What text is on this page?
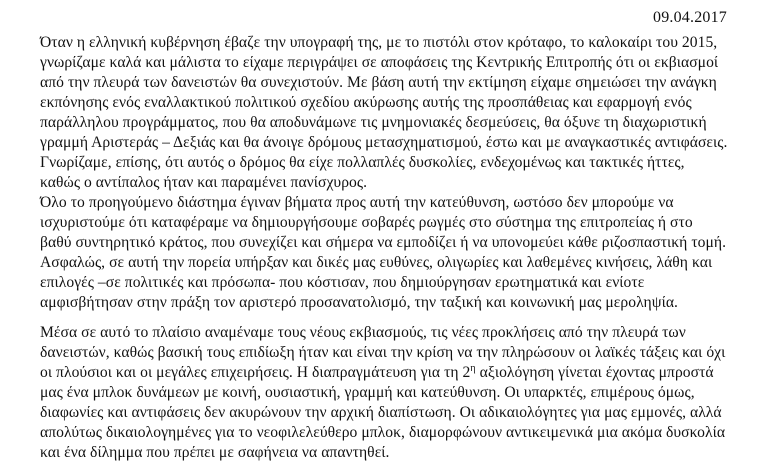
09.04.2017
Όταν η ελληνική κυβέρνηση έβαζε την υπογραφή της, με το πιστόλι στον κρόταφο, το καλοκαίρι του 2015,
γνωρίζαμε καλά και μάλιστα το είχαμε περιγράψει σε αποφάσεις της Κεντρικής Επιτροπής ότι οι εκβιασμοί
από την πλευρά των δανειστών θα συνεχιστούν. Με βάση αυτή την εκτίμηση είχαμε σημειώσει την ανάγκη
εκπόνησης ενός εναλλακτικού πολιτικού σχεδίου ακύρωσης αυτής της προσπάθειας και εφαρμογή ενός
παράλληλου προγράμματος, που θα αποδυνάμωνε τις μνημονιακές δεσμεύσεις, θα όξυνε τη διαχωριστική
γραμμή Αριστεράς – Δεξιάς και θα άνοιγε δρόμους μετασχηματισμού, έστω και με αναγκαστικές αντιφάσεις.
Γνωρίζαμε, επίσης, ότι αυτός ο δρόμος θα είχε πολλαπλές δυσκολίες, ενδεχομένως και τακτικές ήττες,
καθώς ο αντίπαλος ήταν και παραμένει πανίσχυρος.
Όλο το προηγούμενο διάστημα έγιναν βήματα προς αυτή την κατεύθυνση, ωστόσο δεν μπορούμε να
ισχυριστούμε ότι καταφέραμε να δημιουργήσουμε σοβαρές ρωγμές στο σύστημα της επιτροπείας ή στο
βαθύ συντηρητικό κράτος, που συνεχίζει και σήμερα να εμποδίζει ή να υπονομεύει κάθε ριζοσπαστική τομή.
Ασφαλώς, σε αυτή την πορεία υπήρξαν και δικές μας ευθύνες, ολιγωρίες και λαθεμένες κινήσεις, λάθη και
επιλογές –σε πολιτικές και πρόσωπα- που κόστισαν, που δημιούργησαν ερωτηματικά και ενίοτε
αμφισβήτησαν στην πράξη τον αριστερό προσανατολισμό, την ταξική και κοινωνική μας μεροληψία.
Μέσα σε αυτό το πλαίσιο αναμέναμε τους νέους εκβιασμούς, τις νέες προκλήσεις από την πλευρά των
δανειστών, καθώς βασική τους επιδίωξη ήταν και είναι την κρίση να την πληρώσουν οι λαϊκές τάξεις και όχι
οι πλούσιοι και οι μεγάλες επιχειρήσεις. Η διαπραγμάτευση για τη $2^\eta$ αξιολόγηση γίνεται έχοντας μπροστά
μας ένα μπλοκ δυνάμεων με κοινή, ουσιαστική, γραμμή και κατεύθυνση. Οι υπαρκτές, επιμέρους όμως,
διαφωνίες και αντιφάσεις δεν ακυρώνουν την αρχική διαπίστωση. Οι αδικαιολόγητες για μας εμμονές, αλλά
απολύτως δικαιολογημένες για το νεοφιλελεύθερο μπλοκ, διαμορφώνουν αντικειμενικά μια ακόμα δυσκολία
και ένα δίλημμα που πρέπει με σαφήνεια να απαντηθεί.
